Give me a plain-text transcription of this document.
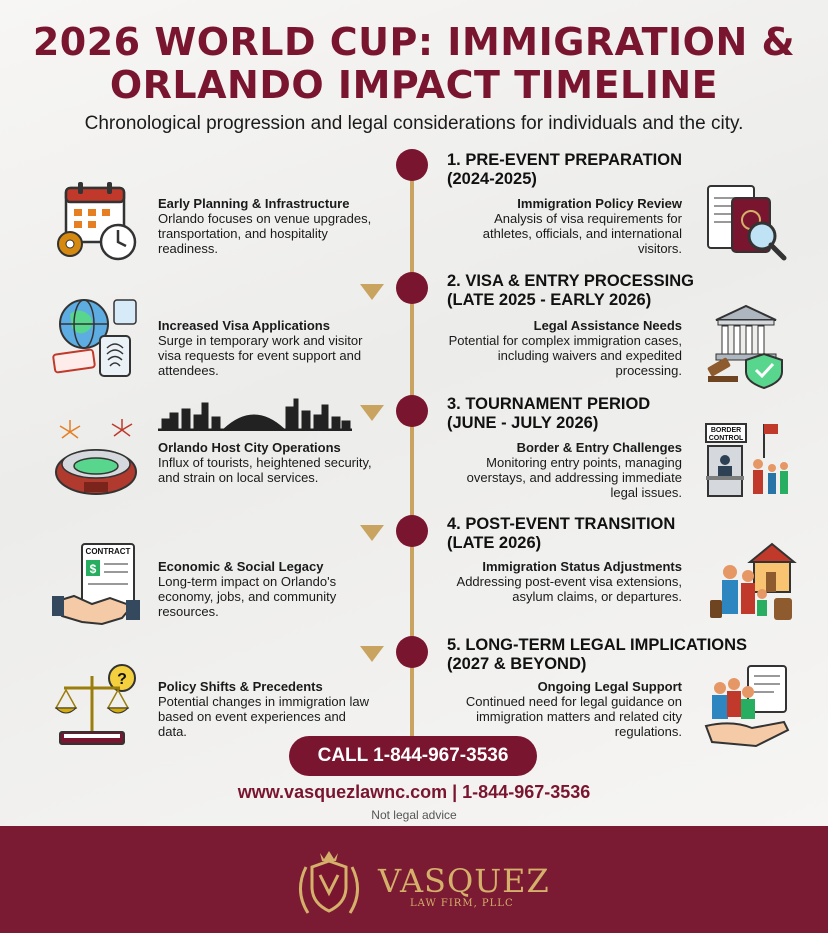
2026 WORLD CUP: IMMIGRATION &
ORLANDO IMPACT TIMELINE
Chronological progression and legal considerations for individuals and the city.
1. PRE-EVENT PREPARATION
(2024-2025)
Early Planning & Infrastructure
Orlando focuses on venue upgrades, transportation, and hospitality readiness.
Immigration Policy Review
Analysis of visa requirements for athletes, officials, and international visitors.
2. VISA & ENTRY PROCESSING
(LATE 2025 - EARLY 2026)
Increased Visa Applications
Surge in temporary work and visitor visa requests for event support and attendees.
Legal Assistance Needs
Potential for complex immigration cases, including waivers and expedited processing.
3. TOURNAMENT PERIOD
(JUNE - JULY 2026)
Orlando Host City Operations
Influx of tourists, heightened security, and strain on local services.
Border & Entry Challenges
Monitoring entry points, managing overstays, and addressing immediate legal issues.
BORDER
CONTROL
4. POST-EVENT TRANSITION
(LATE 2026)
Economic & Social Legacy
Long-term impact on Orlando's economy, jobs, and community resources.
Immigration Status Adjustments
Addressing post-event visa extensions, asylum claims, or departures.
CONTRACT
$
5. LONG-TERM LEGAL IMPLICATIONS
(2027 & BEYOND)
Policy Shifts & Precedents
Potential changes in immigration law based on event experiences and data.
Ongoing Legal Support
Continued need for legal guidance on immigration matters and related city regulations.
?
CALL 1-844-967-3536
www.vasquezlawnc.com | 1-844-967-3536
Not legal advice
VASQUEZ
LAW FIRM, PLLC
